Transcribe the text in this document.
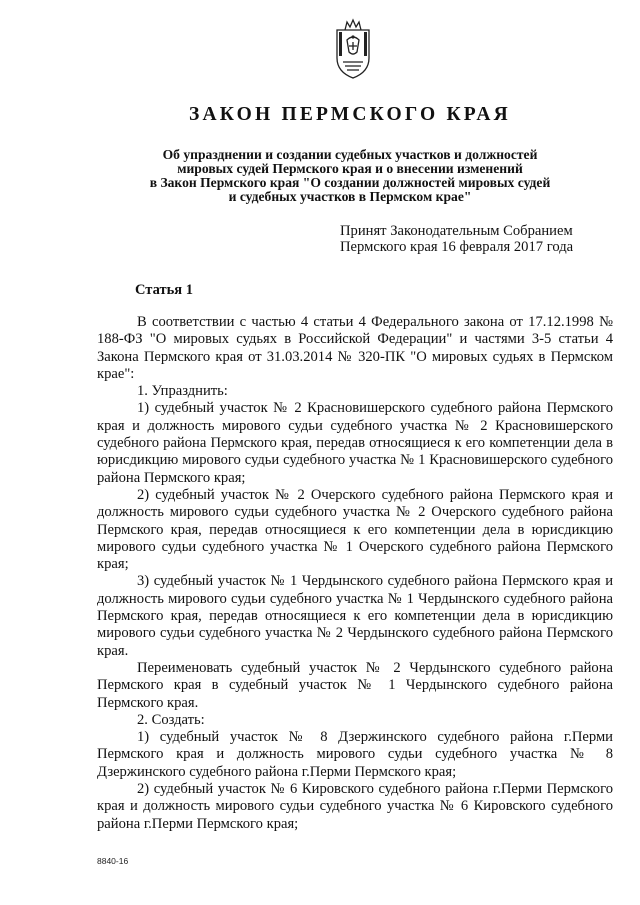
ЗАКОН ПЕРМСКОГО КРАЯ
Об упразднении и создании судебных участков и должностей
мировых судей Пермского края и о внесении изменений
в Закон Пермского края "О создании должностей мировых судей
и судебных участков в Пермском крае"
Принят Законодательным Собранием
Пермского края 16 февраля 2017 года
Статья 1

В соответствии с частью 4 статьи 4 Федерального закона от 17.12.1998 № 188-ФЗ "О мировых судьях в Российской Федерации" и частями 3-5 статьи 4 Закона Пермского края от 31.03.2014 № 320-ПК "О мировых судьях в Пермском крае":

1. Упразднить:

1) судебный участок № 2 Красновишерского судебного района Пермского края и должность мирового судьи судебного участка № 2 Красновишерского судебного района Пермского края, передав относящиеся к его компетенции дела в юрисдикцию мирового судьи судебного участка № 1 Красновишерского судебного района Пермского края;

2) судебный участок № 2 Очерского судебного района Пермского края и должность мирового судьи судебного участка № 2 Очерского судебного района Пермского края, передав относящиеся к его компетенции дела в юрисдикцию мирового судьи судебного участка № 1 Очерского судебного района Пермского края;

3) судебный участок № 1 Чердынского судебного района Пермского края и должность мирового судьи судебного участка № 1 Чердынского судебного района Пермского края, передав относящиеся к его компетенции дела в юрисдикцию мирового судьи судебного участка № 2 Чердынского судебного района Пермского края.

Переименовать судебный участок № 2 Чердынского судебного района Пермского края в судебный участок № 1 Чердынского судебного района Пермского края.

2. Создать:

1) судебный участок № 8 Дзержинского судебного района г.Перми Пермского края и должность мирового судьи судебного участка № 8 Дзержинского судебного района г.Перми Пермского края;

2) судебный участок № 6 Кировского судебного района г.Перми Пермского края и должность мирового судьи судебного участка № 6 Кировского судебного района г.Перми Пермского края;

8840-16
